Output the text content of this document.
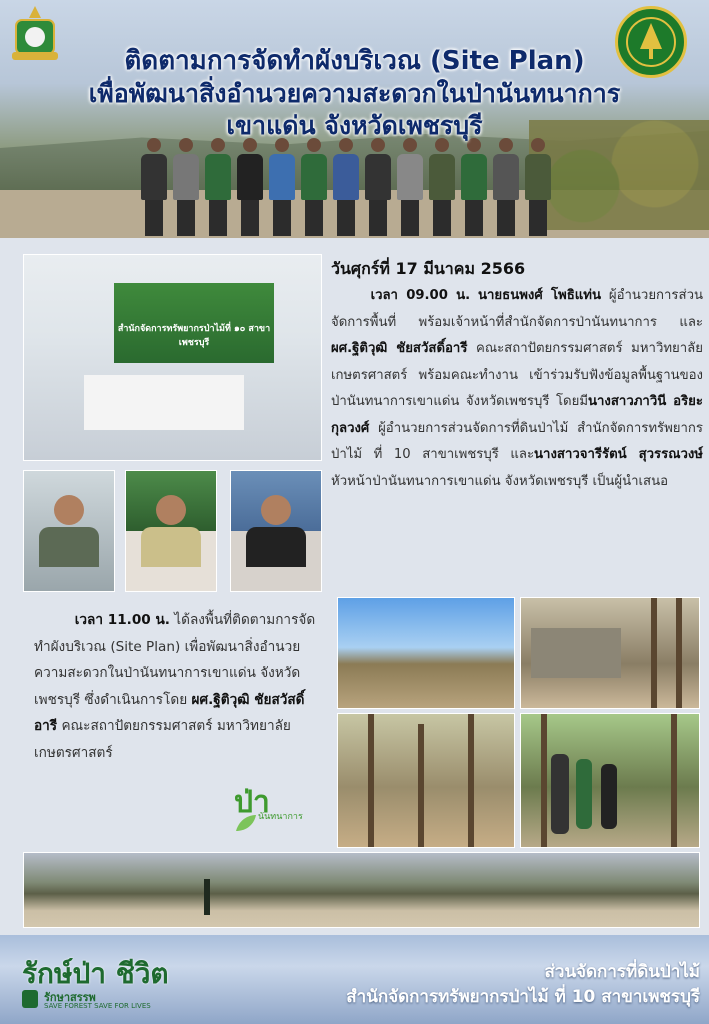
ติดตามการจัดทำผังบริเวณ (Site Plan)
เพื่อพัฒนาสิ่งอำนวยความสะดวกในป่านันทนาการ
เขาแด่น จังหวัดเพชรบุรี
สำนักจัดการทรัพยากรป่าไม้ที่ ๑๐ สาขาเพชรบุรี
วันศุกร์ที่ 17 มีนาคม 2566
   เวลา 09.00 น. นายธนพงศ์ โพธิแท่น ผู้อำนวยการส่วนจัดการพื้นที่ พร้อมเจ้าหน้าที่สำนักจัดการป่านันทนาการ และ ผศ.ฐิติวุฒิ ชัยสวัสดิ์อารี คณะสถาปัตยกรรมศาสตร์ มหาวิทยาลัยเกษตรศาสตร์ พร้อมคณะทำงาน เข้าร่วมรับฟังข้อมูลพื้นฐานของป่านันทนาการเขาแด่น จังหวัดเพชรบุรี โดยมีนางสาวภาวินี อริยะกุลวงศ์ ผู้อำนวยการส่วนจัดการที่ดินป่าไม้ สำนักจัดการทรัพยากรป่าไม้ ที่ 10 สาขาเพชรบุรี และนางสาวจารีรัตน์ สุวรรณวงษ์ หัวหน้าป่านันทนาการเขาแด่น จังหวัดเพชรบุรี เป็นผู้นำเสนอ
   เวลา 11.00 น. ได้ลงพื้นที่ติดตามการจัดทำผังบริเวณ (Site Plan) เพื่อพัฒนาสิ่งอำนวยความสะดวกในป่านันทนาการเขาแด่น จังหวัดเพชรบุรี ซึ่งดำเนินการโดย ผศ.ฐิติวุฒิ ชัยสวัสดิ์อารี คณะสถาปัตยกรรมศาสตร์ มหาวิทยาลัยเกษตรศาสตร์
ป่า
นันทนาการ
รักษ์ป่า ชีวิต
รักษาสรรพ
SAVE FOREST SAVE FOR LIVES
ส่วนจัดการที่ดินป่าไม้
สำนักจัดการทรัพยากรป่าไม้ ที่ 10 สาขาเพชรบุรี
